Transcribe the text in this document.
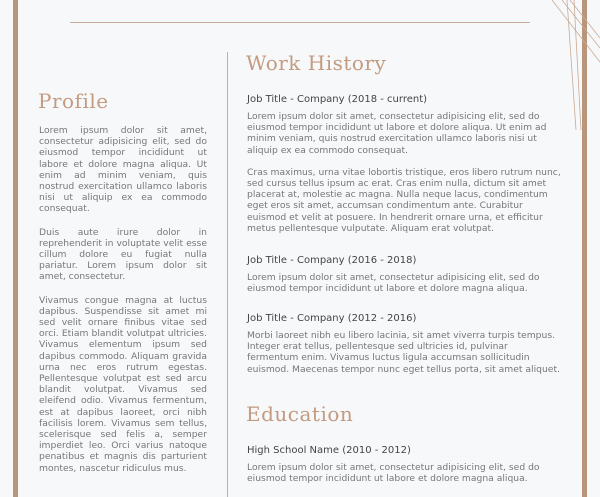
Profile

Lorem ipsum dolor sit amet, consectetur adipisicing elit, sed do eiusmod tempor incididunt ut labore et dolore magna aliqua. Ut enim ad minim veniam, quis nostrud exercitation ullamco laboris nisi ut aliquip ex ea commodo consequat.

Duis aute irure dolor in reprehenderit in voluptate velit esse cillum dolore eu fugiat nulla pariatur. Lorem ipsum dolor sit amet, consectetur.

Vivamus congue magna at luctus dapibus. Suspendisse sit amet mi sed velit ornare finibus vitae sed orci. Etiam blandit volutpat ultricies. Vivamus elementum ipsum sed dapibus commodo. Aliquam gravida urna nec eros rutrum egestas. Pellentesque volutpat est sed arcu blandit volutpat. Vivamus sed eleifend odio. Vivamus fermentum, est at dapibus laoreet, orci nibh facilisis lorem. Vivamus sem tellus, scelerisque sed felis a, semper imperdiet leo. Orci varius natoque penatibus et magnis dis parturient montes, nascetur ridiculus mus.

Work History

Job Title - Company (2018 - current)

Lorem ipsum dolor sit amet, consectetur adipisicing elit, sed do eiusmod tempor incididunt ut labore et dolore aliqua. Ut enim ad minim veniam, quis nostrud exercitation ullamco laboris nisi ut aliquip ex ea commodo consequat.

Cras maximus, urna vitae lobortis tristique, eros libero rutrum nunc, sed cursus tellus ipsum ac erat. Cras enim nulla, dictum sit amet placerat at, molestie ac magna. Nulla neque lacus, condimentum eget eros sit amet, accumsan condimentum ante. Curabitur euismod et velit at posuere. In hendrerit ornare urna, et efficitur metus pellentesque vulputate. Aliquam erat volutpat.

Job Title - Company (2016 - 2018)

Lorem ipsum dolor sit amet, consectetur adipisicing elit, sed do eiusmod tempor incididunt ut labore et dolore magna aliqua.

Job Title - Company (2012 - 2016)

Morbi laoreet nibh eu libero lacinia, sit amet viverra turpis tempus. Integer erat tellus, pellentesque sed ultricies id, pulvinar fermentum enim. Vivamus luctus ligula accumsan sollicitudin euismod. Maecenas tempor nunc eget tellus porta, sit amet aliquet.

Education

High School Name (2010 - 2012)

Lorem ipsum dolor sit amet, consectetur adipisicing elit, sed do eiusmod tempor incididunt ut labore et dolore magna aliqua.
